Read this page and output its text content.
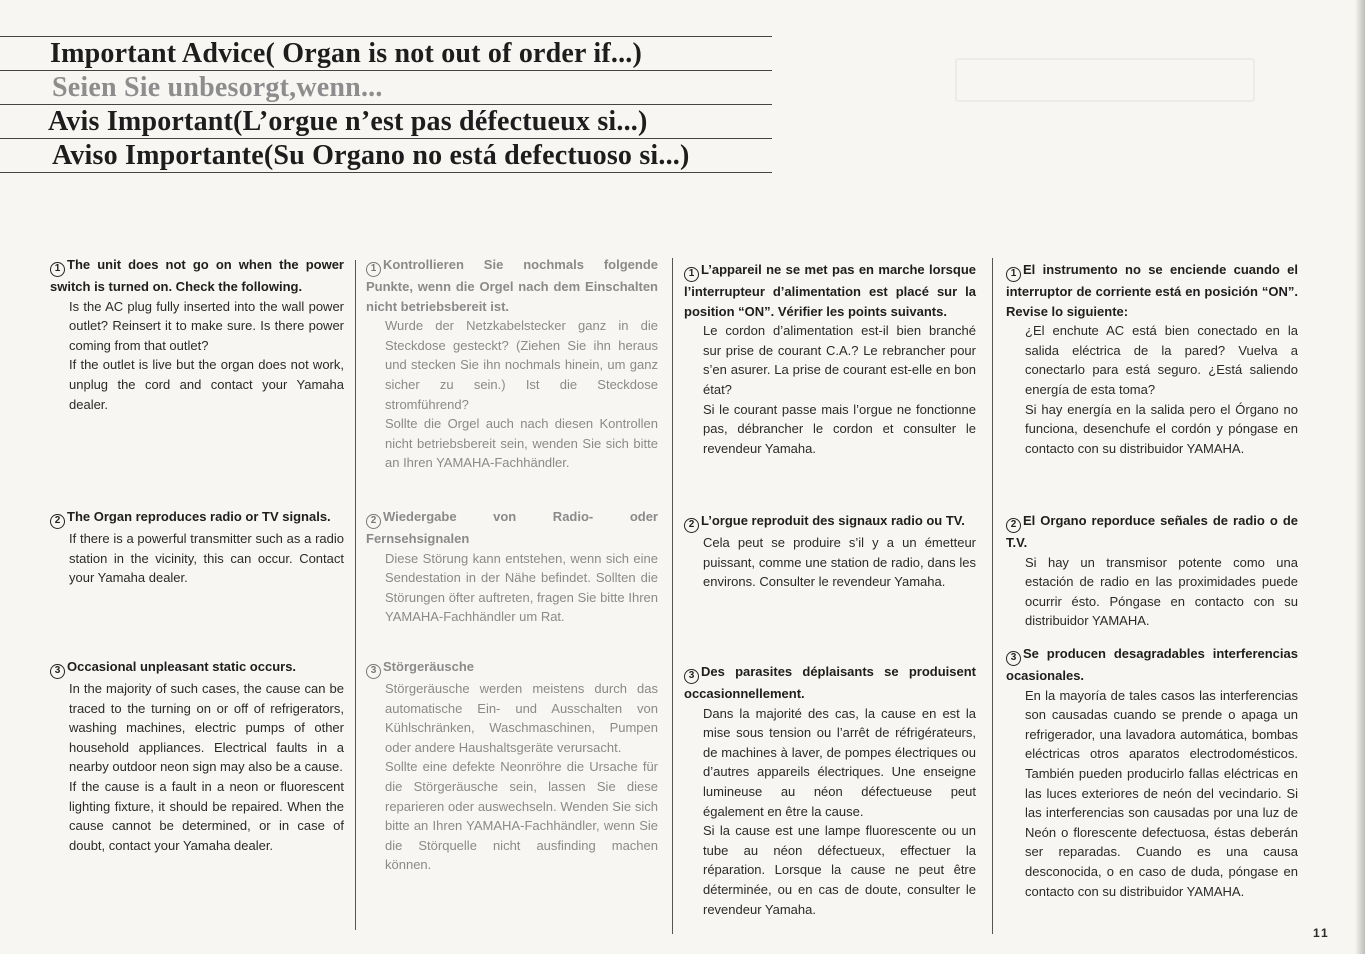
Important Advice( Organ is not out of order if...)
Seien Sie unbesorgt,wenn...
Avis Important(L’orgue n’est pas défectueux si...)
Aviso Importante(Su Organo no está defectuoso si...)
1 The unit does not go on when the power switch is turned on. Check the following.

Is the AC plug fully inserted into the wall power outlet? Reinsert it to make sure. Is there power coming from that outlet?

If the outlet is live but the organ does not work, unplug the cord and contact your Yamaha dealer.

2 The Organ reproduces radio or TV signals.

If there is a powerful transmitter such as a radio station in the vicinity, this can occur. Contact your Yamaha dealer.

3 Occasional unpleasant static occurs.

In the majority of such cases, the cause can be traced to the turning on or off of refrigerators, washing machines, electric pumps of other household appliances. Electrical faults in a nearby outdoor neon sign may also be a cause.

If the cause is a fault in a neon or fluorescent lighting fixture, it should be repaired. When the cause cannot be determined, or in case of doubt, contact your Yamaha dealer.

1 Kontrollieren Sie nochmals folgende Punkte, wenn die Orgel nach dem Einschalten nicht betriebsbereit ist.

Wurde der Netzkabelstecker ganz in die Steckdose gesteckt? (Ziehen Sie ihn heraus und stecken Sie ihn nochmals hinein, um ganz sicher zu sein.) Ist die Steckdose stromführend?

Sollte die Orgel auch nach diesen Kontrollen nicht betriebsbereit sein, wenden Sie sich bitte an Ihren YAMAHA-Fachhändler.

2 Wiedergabe von Radio- oder Fernsehsignalen

Diese Störung kann entstehen, wenn sich eine Sendestation in der Nähe befindet. Sollten die Störungen öfter auftreten, fragen Sie bitte Ihren YAMAHA-Fachhändler um Rat.

3 Störgeräusche

Störgeräusche werden meistens durch das automatische Ein- und Ausschalten von Kühlschränken, Waschmaschinen, Pumpen oder andere Haushaltsgeräte verursacht.

Sollte eine defekte Neonröhre die Ursache für die Störgeräusche sein, lassen Sie diese reparieren oder auswechseln. Wenden Sie sich bitte an Ihren YAMAHA-Fachhändler, wenn Sie die Störquelle nicht ausfinding machen können.

1 L’appareil ne se met pas en marche lorsque l’interrupteur d’alimentation est placé sur la position “ON”. Vérifier les points suivants.

Le cordon d’alimentation est-il bien branché sur prise de courant C.A.? Le rebrancher pour s’en asurer. La prise de courant est-elle en bon état?

Si le courant passe mais l’orgue ne fonctionne pas, débrancher le cordon et consulter le revendeur Yamaha.

2 L’orgue reproduit des signaux radio ou TV.

Cela peut se produire s’il y a un émetteur puissant, comme une station de radio, dans les environs. Consulter le revendeur Yamaha.

3 Des parasites déplaisants se produisent occasionnellement.

Dans la majorité des cas, la cause en est la mise sous tension ou l’arrêt de réfrigérateurs, de machines à laver, de pompes électriques ou d’autres appareils électriques. Une enseigne lumineuse au néon défectueuse peut également en être la cause.

Si la cause est une lampe fluorescente ou un tube au néon défectueux, effectuer la réparation. Lorsque la cause ne peut être déterminée, ou en cas de doute, consulter le revendeur Yamaha.

1 El instrumento no se enciende cuando el interruptor de corriente está en posición “ON”. Revise lo siguiente:

¿El enchute AC está bien conectado en la salida eléctrica de la pared? Vuelva a conectarlo para está seguro. ¿Está saliendo energía de esta toma?

Si hay energía en la salida pero el Órgano no funciona, desenchufe el cordón y póngase en contacto con su distribuidor YAMAHA.

2 El Organo reporduce señales de radio o de T.V.

Si hay un transmisor potente como una estación de radio en las proximidades puede ocurrir ésto. Póngase en contacto con su distribuidor YAMAHA.

3 Se producen desagradables interferencias ocasionales.

En la mayoría de tales casos las interferencias son causadas cuando se prende o apaga un refrigerador, una lavadora automática, bombas eléctricas otros aparatos electrodomésticos. También pueden producirlo fallas eléctricas en las luces exteriores de neón del vecindario. Si las interferencias son causadas por una luz de Neón o florescente defectuosa, éstas deberán ser reparadas. Cuando es una causa desconocida, o en caso de duda, póngase en contacto con su distribuidor YAMAHA.

11
